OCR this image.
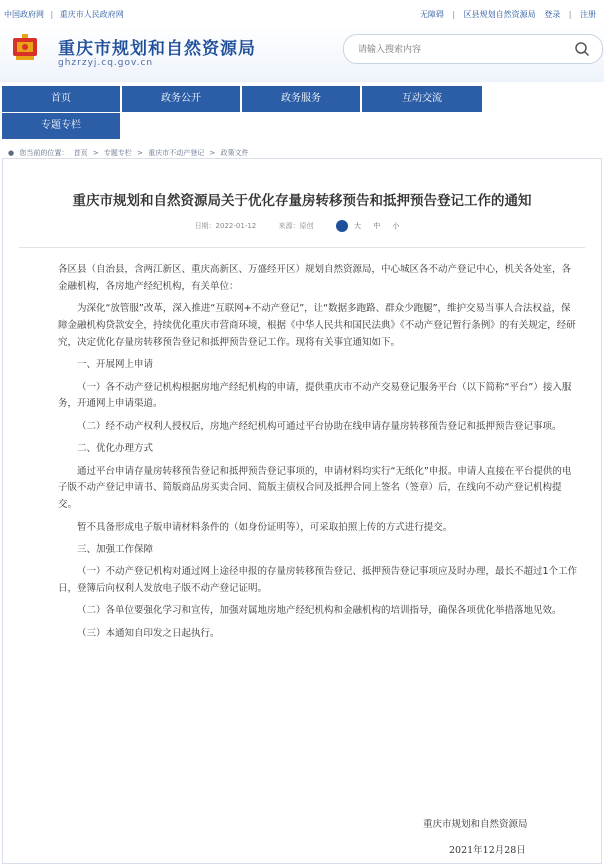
中国政府网 | 重庆市人民政府网	无障碍 | 区县规划自然资源局 登录 | 注册
重庆市规划和自然资源局
ghzrzyj.cq.gov.cn
请输入搜索内容
首页	政务公开	政务服务	互动交流
专题专栏
● 您当前的位置： 首页 > 专题专栏 > 重庆市不动产登记 > 政策文件
重庆市规划和自然资源局关于优化存量房转移预告和抵押预告登记工作的通知
日期：2022-01-12	来源：原创	大 中 小

各区县（自治县，含两江新区、重庆高新区、万盛经开区）规划自然资源局，中心城区各不动产登记中心，机关各处室，各金融机构，各房地产经纪机构，有关单位：

为深化“放管服”改革，深入推进“互联网+不动产登记”，让“数据多跑路、群众少跑腿”，维护交易当事人合法权益，保障金融机构贷款安全，持续优化重庆市营商环境，根据《中华人民共和国民法典》《不动产登记暂行条例》的有关规定，经研究，决定优化存量房转移预告登记和抵押预告登记工作。现将有关事宜通知如下。

一、开展网上申请

（一）各不动产登记机构根据房地产经纪机构的申请，提供重庆市不动产交易登记服务平台（以下简称“平台”）接入服务，开通网上申请渠道。

（二）经不动产权利人授权后，房地产经纪机构可通过平台协助在线申请存量房转移预告登记和抵押预告登记事项。

二、优化办理方式

通过平台申请存量房转移预告登记和抵押预告登记事项的，申请材料均实行“无纸化”申报。申请人直接在平台提供的电子版不动产登记申请书、简版商品房买卖合同、简版主债权合同及抵押合同上签名（签章）后，在线向不动产登记机构提交。

暂不具备形成电子版申请材料条件的（如身份证明等），可采取拍照上传的方式进行提交。

三、加强工作保障

（一）不动产登记机构对通过网上途径申报的存量房转移预告登记、抵押预告登记事项应及时办理，最长不超过1个工作日，登簿后向权利人发放电子版不动产登记证明。

（二）各单位要强化学习和宣传，加强对属地房地产经纪机构和金融机构的培训指导，确保各项优化举措落地见效。

（三）本通知自印发之日起执行。

重庆市规划和自然资源局
2021年12月28日
